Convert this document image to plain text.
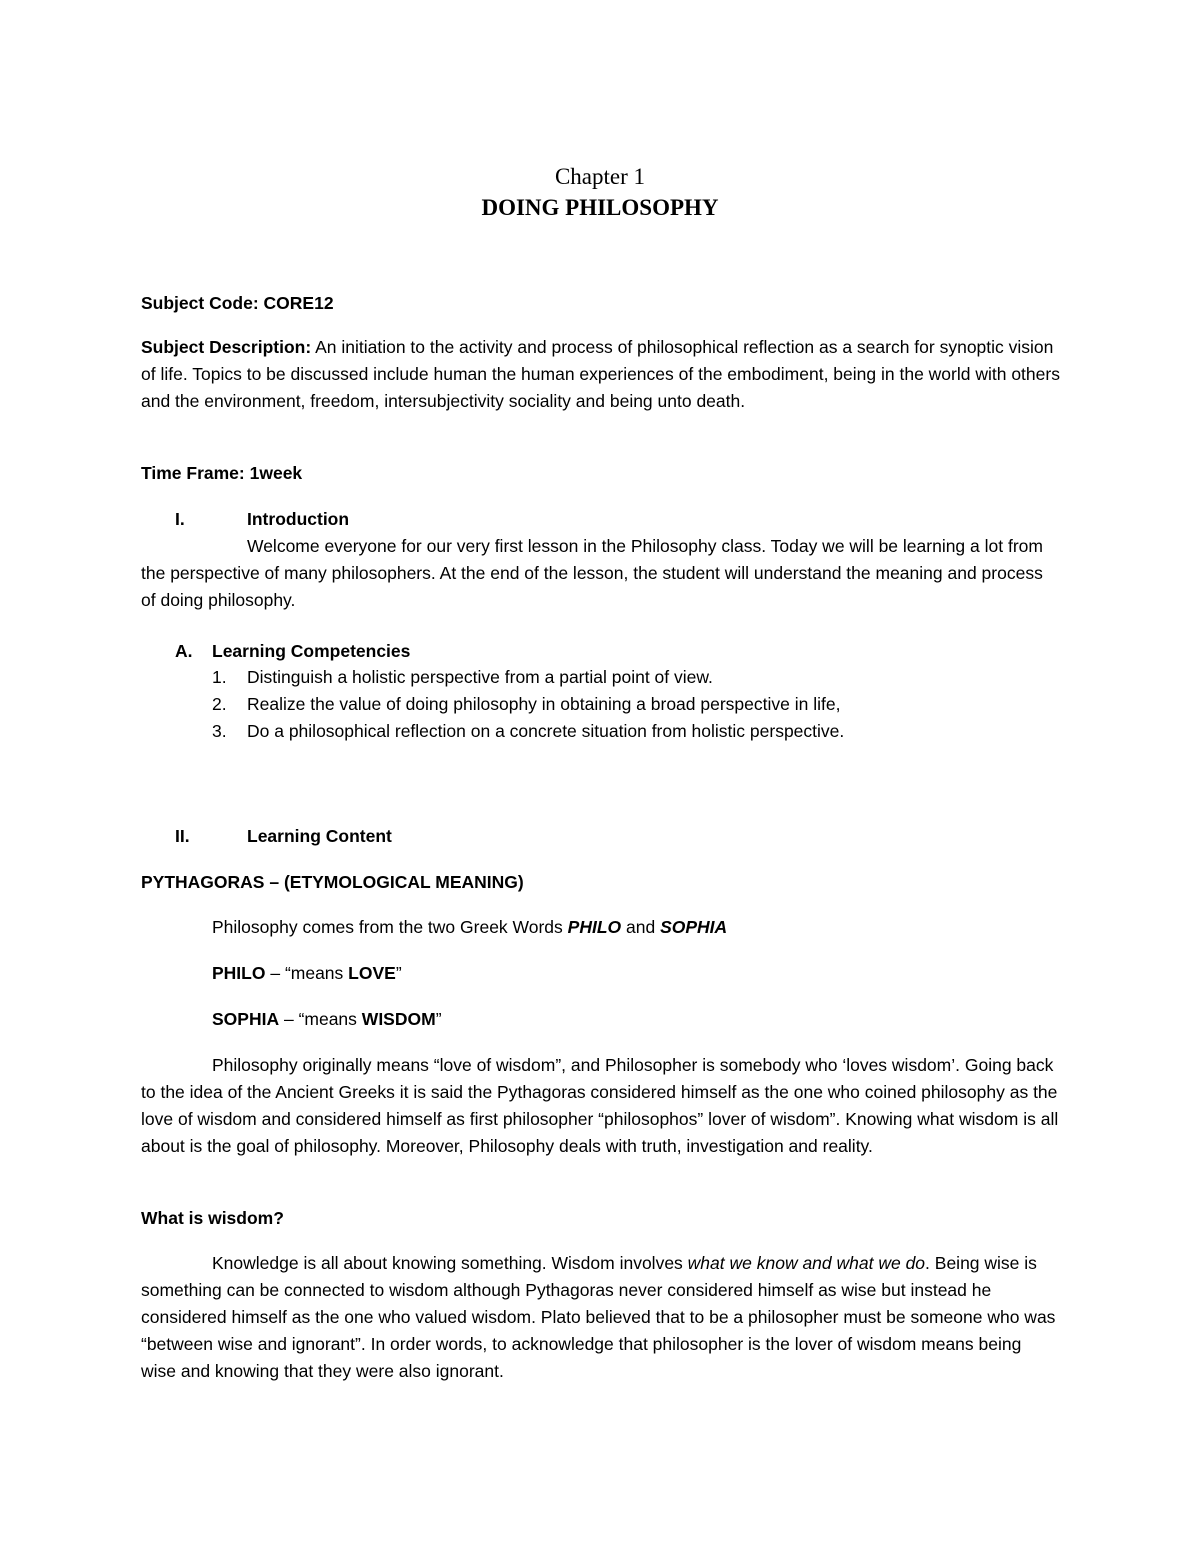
Chapter 1
DOING PHILOSOPHY
Subject Code: CORE12
Subject Description: An initiation to the activity and process of philosophical reflection as a search for synoptic vision of life. Topics to be discussed include human the human experiences of the embodiment, being in the world with others and the environment, freedom, intersubjectivity sociality and being unto death.
Time Frame: 1week
I.	Introduction
Welcome everyone for our very first lesson in the Philosophy class. Today we will be learning a lot from the perspective of many philosophers. At the end of the lesson, the student will understand the meaning and process of doing philosophy.
A. Learning Competencies
1. Distinguish a holistic perspective from a partial point of view.
2. Realize the value of doing philosophy in obtaining a broad perspective in life,
3. Do a philosophical reflection on a concrete situation from holistic perspective.
II.	Learning Content
PYTHAGORAS – (ETYMOLOGICAL MEANING)
Philosophy comes from the two Greek Words PHILO and SOPHIA
PHILO – “means LOVE”
SOPHIA – “means WISDOM”
Philosophy originally means “love of wisdom”, and Philosopher is somebody who ‘loves wisdom’. Going back to the idea of the Ancient Greeks it is said the Pythagoras considered himself as the one who coined philosophy as the love of wisdom and considered himself as first philosopher “philosophos” lover of wisdom”. Knowing what wisdom is all about is the goal of philosophy. Moreover, Philosophy deals with truth, investigation and reality.
What is wisdom?
Knowledge is all about knowing something. Wisdom involves what we know and what we do. Being wise is something can be connected to wisdom although Pythagoras never considered himself as wise but instead he considered himself as the one who valued wisdom. Plato believed that to be a philosopher must be someone who was “between wise and ignorant”. In order words, to acknowledge that philosopher is the lover of wisdom means being wise and knowing that they were also ignorant.
